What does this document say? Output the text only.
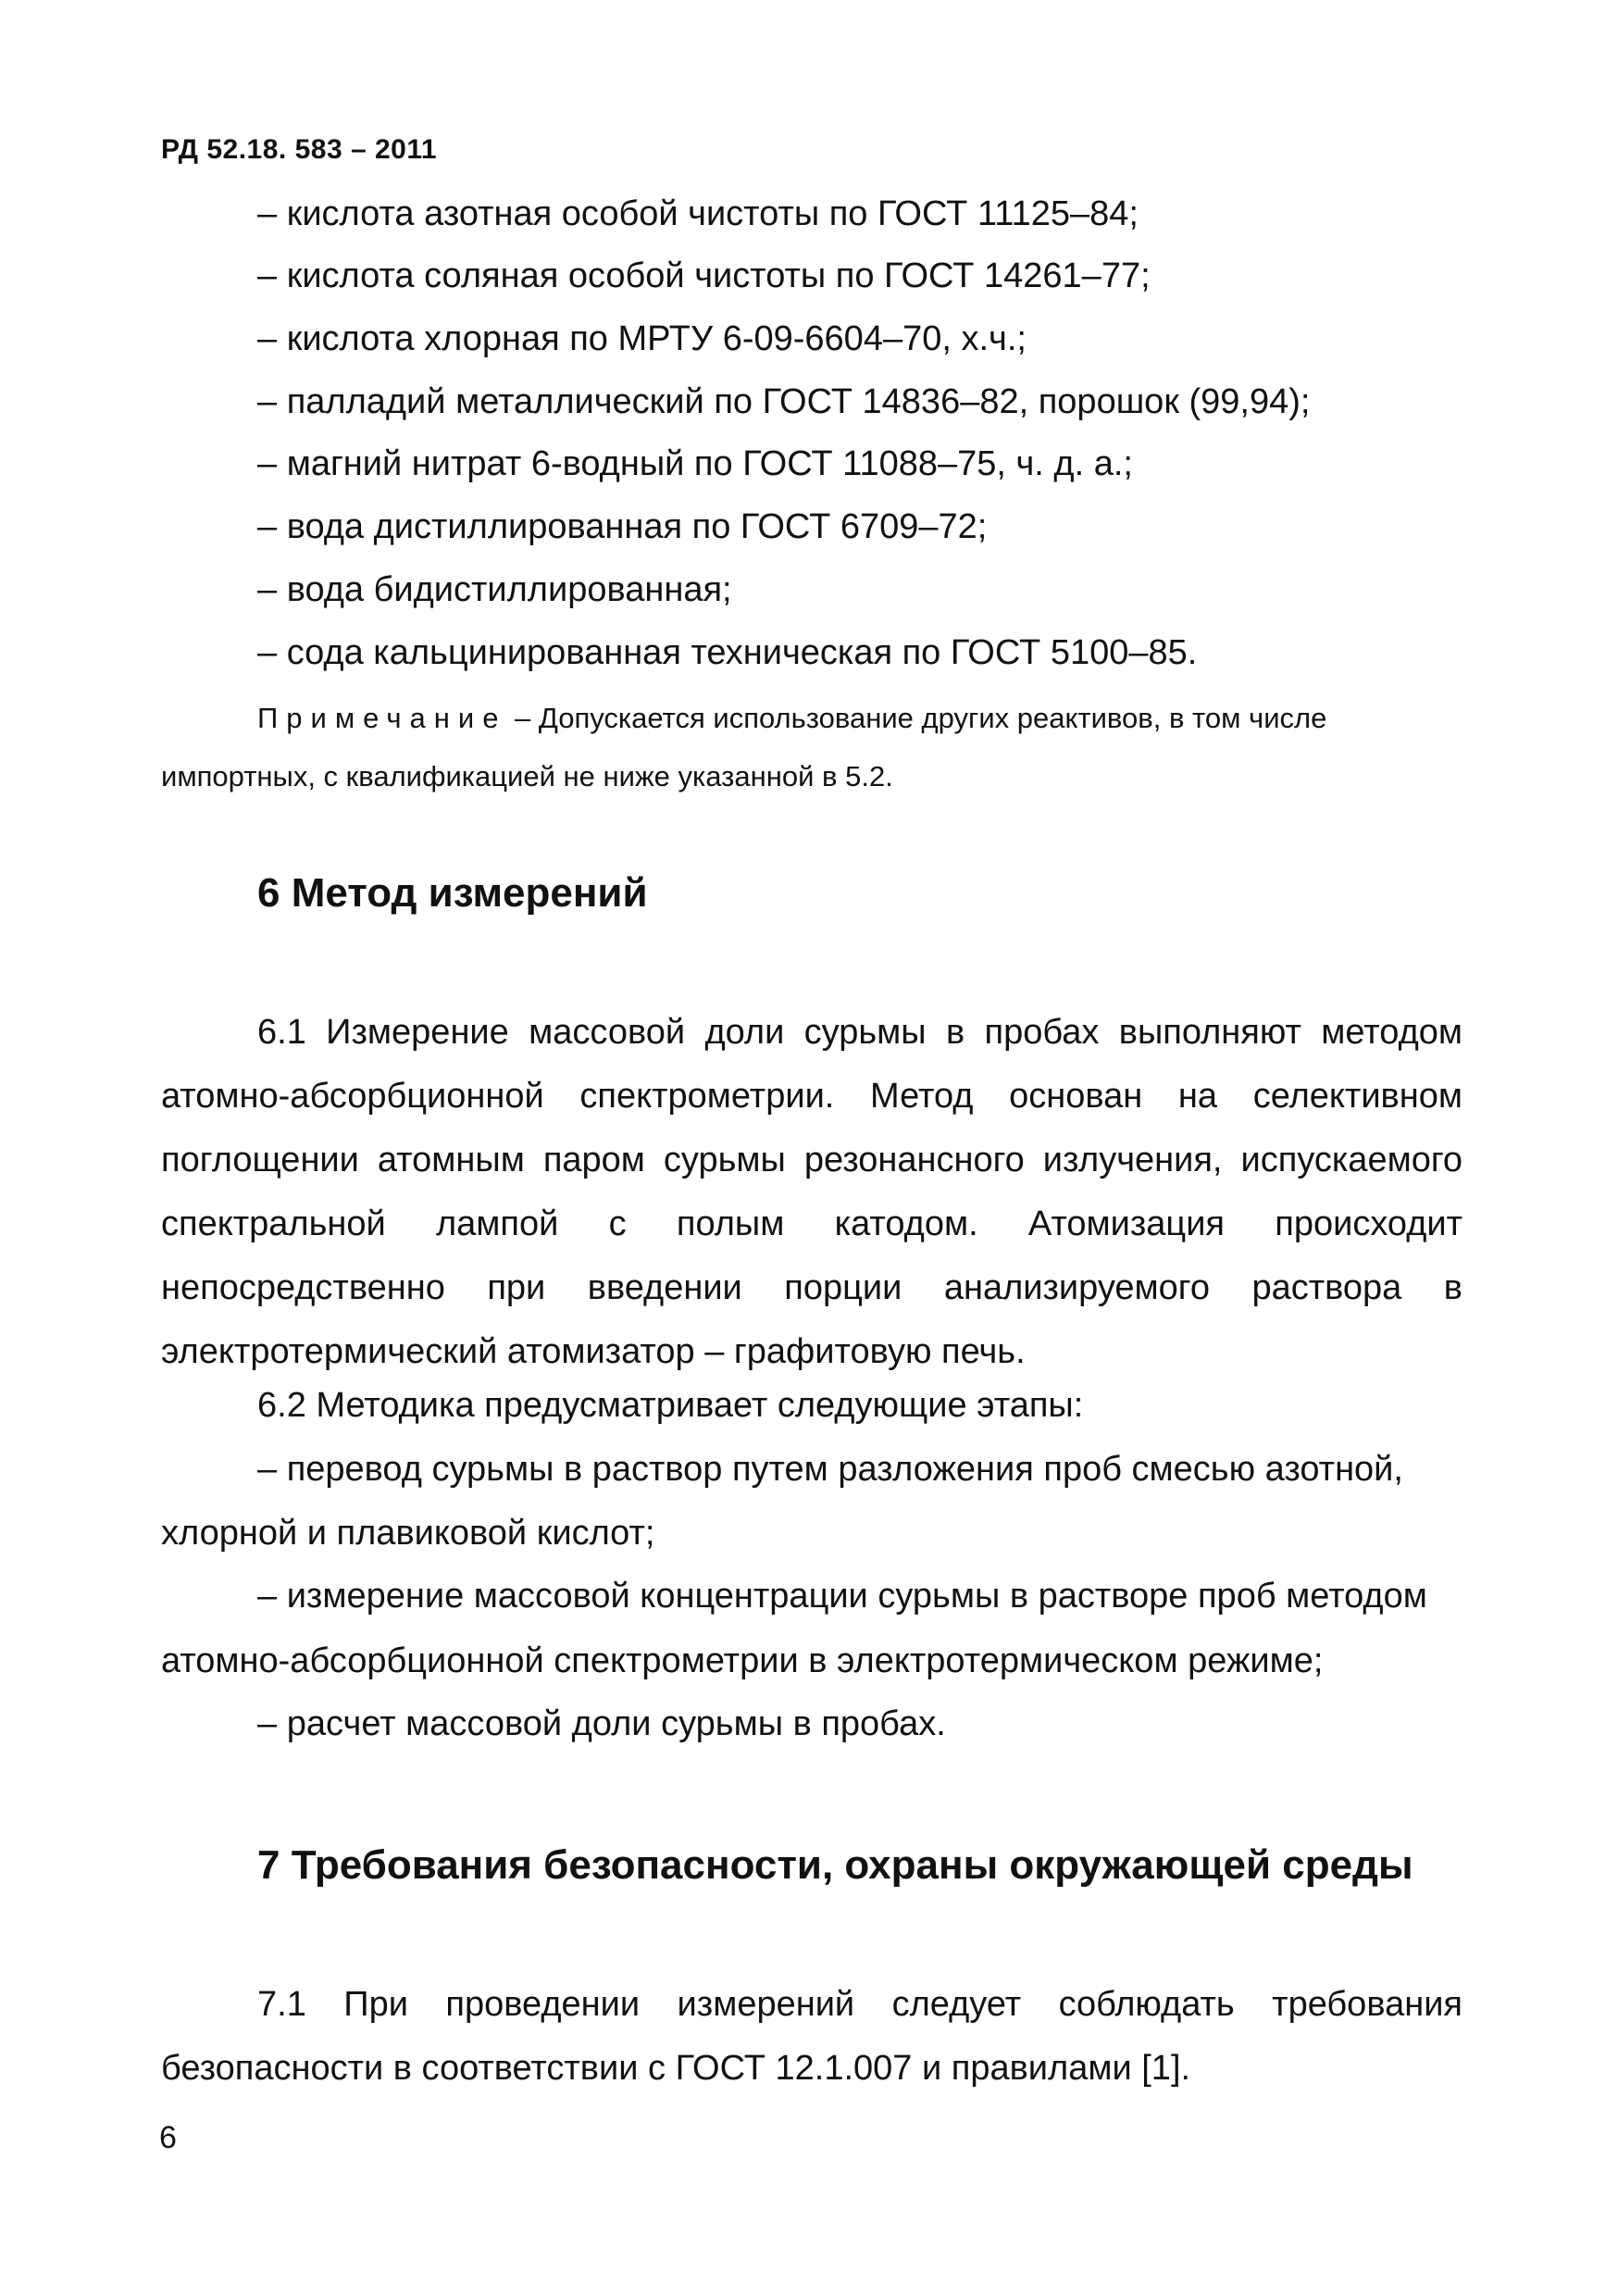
РД 52.18. 583 – 2011
– кислота азотная особой чистоты по ГОСТ 11125–84;
– кислота соляная особой чистоты по ГОСТ 14261–77;
– кислота хлорная по МРТУ 6-09-6604–70, х.ч.;
– палладий металлический по ГОСТ 14836–82, порошок (99,94);
– магний нитрат 6-водный по ГОСТ 11088–75, ч. д. а.;
– вода дистиллированная по ГОСТ 6709–72;
– вода бидистиллированная;
– сода кальцинированная техническая по ГОСТ 5100–85.
Примечание – Допускается использование других реактивов, в том числе
импортных, с квалификацией не ниже указанной в 5.2.
6 Метод измерений

6.1 Измерение массовой доли сурьмы в пробах выполняют методом атомно-абсорбционной спектрометрии. Метод основан на селективном поглощении атомным паром сурьмы резонансного излучения, испускаемого спектральной лампой с полым катодом. Атомизация происходит непосредственно при введении порции анализируемого раствора в электротермический атомизатор – графитовую печь.

6.2 Методика предусматривает следующие этапы:
– перевод сурьмы в раствор путем разложения проб смесью азотной,
хлорной и плавиковой кислот;
– измерение массовой концентрации сурьмы в растворе проб методом
атомно-абсорбционной спектрометрии в электротермическом режиме;
– расчет массовой доли сурьмы в пробах.
7 Требования безопасности, охраны окружающей среды

7.1 При проведении измерений следует соблюдать требования безопасности в соответствии с ГОСТ 12.1.007 и правилами [1].

6
